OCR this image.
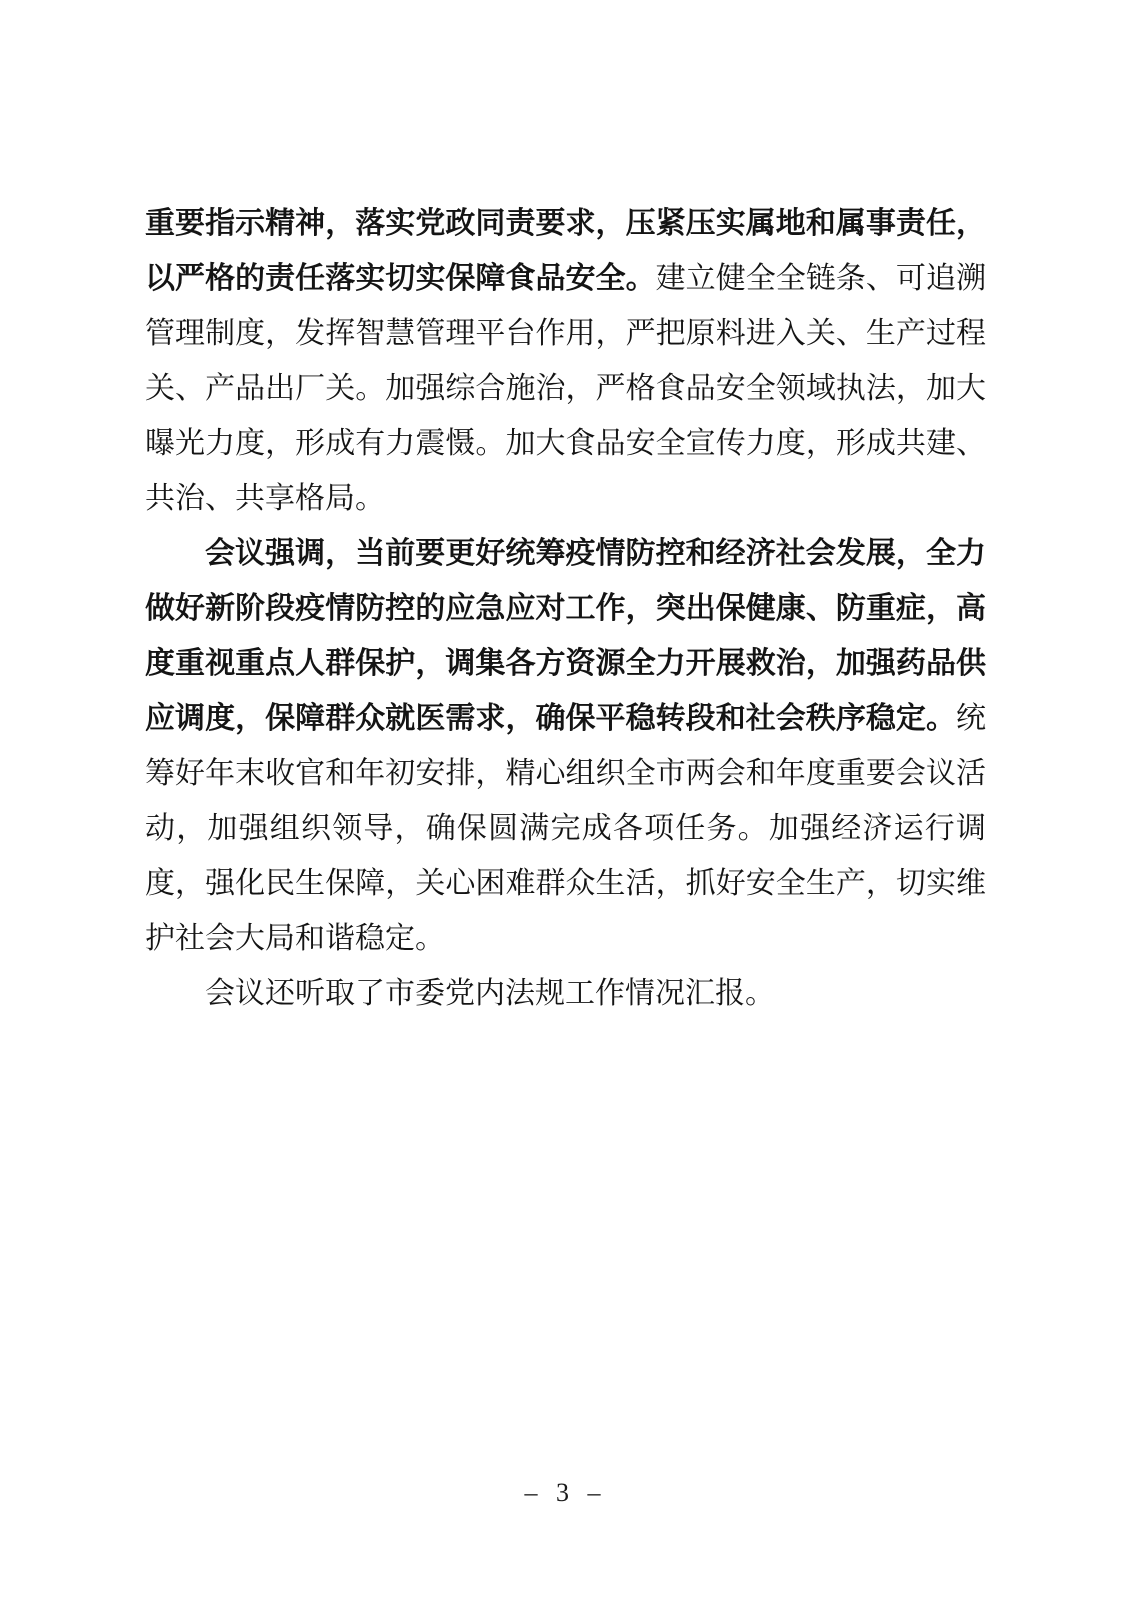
重要指示精神，落实党政同责要求，压紧压实属地和属事责任，以严格的责任落实切实保障食品安全。建立健全全链条、可追溯管理制度，发挥智慧管理平台作用，严把原料进入关、生产过程关、产品出厂关。加强综合施治，严格食品安全领域执法，加大曝光力度，形成有力震慑。加大食品安全宣传力度，形成共建、共治、共享格局。

会议强调，当前要更好统筹疫情防控和经济社会发展，全力做好新阶段疫情防控的应急应对工作，突出保健康、防重症，高度重视重点人群保护，调集各方资源全力开展救治，加强药品供应调度，保障群众就医需求，确保平稳转段和社会秩序稳定。统筹好年末收官和年初安排，精心组织全市两会和年度重要会议活动，加强组织领导，确保圆满完成各项任务。加强经济运行调度，强化民生保障，关心困难群众生活，抓好安全生产，切实维护社会大局和谐稳定。

会议还听取了市委党内法规工作情况汇报。

– 3 –
